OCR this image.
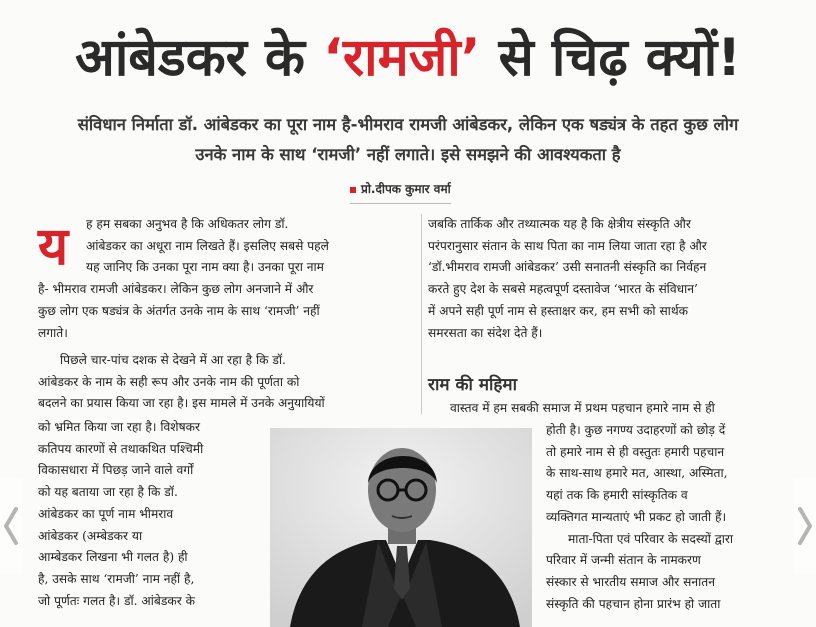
आंबेडकर के ‘रामजी’ से चिढ़ क्यों!
संविधान निर्माता डॉ. आंबेडकर का पूरा नाम है-भीमराव रामजी आंबेडकर, लेकिन एक षड्यंत्र के तहत कुछ लोग
उनके नाम के साथ ‘रामजी’ नहीं लगाते। इसे समझने की आवश्यकता है
प्रो.दीपक कुमार वर्मा
य ह हम सबका अनुभव है कि अधिकतर लोग डॉ.

आंबेडकर का अधूरा नाम लिखते हैं। इसलिए सबसे पहले

यह जानिए कि उनका पूरा नाम क्या है। उनका पूरा नाम

है- भीमराव रामजी आंबेडकर। लेकिन कुछ लोग अनजाने में और

कुछ लोग एक षड्यंत्र के अंतर्गत उनके नाम के साथ ‘रामजी’ नहीं

लगाते।

पिछले चार-पांच दशक से देखने में आ रहा है कि डॉ.

आंबेडकर के नाम के सही रूप और उनके नाम की पूर्णता को

बदलने का प्रयास किया जा रहा है। इस मामले में उनके अनुयायियों

को भ्रमित किया जा रहा है। विशेषकर

कतिपय कारणों से तथाकथित पश्चिमी

विकासधारा में पिछड़ जाने वाले वर्गों

को यह बताया जा रहा है कि डॉ.

आंबेडकर का पूर्ण नाम भीमराव

आंबेडकर (अम्बेडकर या

आम्बेडकर लिखना भी गलत है) ही

है, उसके साथ ‘रामजी’ नाम नहीं है,

जो पूर्णतः गलत है। डॉ. आंबेडकर के

जबकि तार्किक और तथ्यात्मक यह है कि क्षेत्रीय संस्कृति और

परंपरानुसार संतान के साथ पिता का नाम लिया जाता रहा है और

‘डॉ.भीमराव रामजी आंबेडकर’ उसी सनातनी संस्कृति का निर्वहन

करते हुए देश के सबसे महत्वपूर्ण दस्तावेज ‘भारत के संविधान’

में अपने सही पूर्ण नाम से हस्ताक्षर कर, हम सभी को सार्थक

समरसता का संदेश देते हैं।

राम की महिमा

वास्तव में हम सबकी समाज में प्रथम पहचान हमारे नाम से ही

होती है। कुछ नगण्य उदाहरणों को छोड़ दें

तो हमारे नाम से ही वस्तुतः हमारी पहचान

के साथ-साथ हमारे मत, आस्था, अस्मिता,

यहां तक कि हमारी सांस्कृतिक व

व्यक्तिगत मान्यताएं भी प्रकट हो जाती हैं।

माता-पिता एवं परिवार के सदस्यों द्वारा

परिवार में जन्मी संतान के नामकरण

संस्कार से भारतीय समाज और सनातन

संस्कृति की पहचान होना प्रारंभ हो जाता
